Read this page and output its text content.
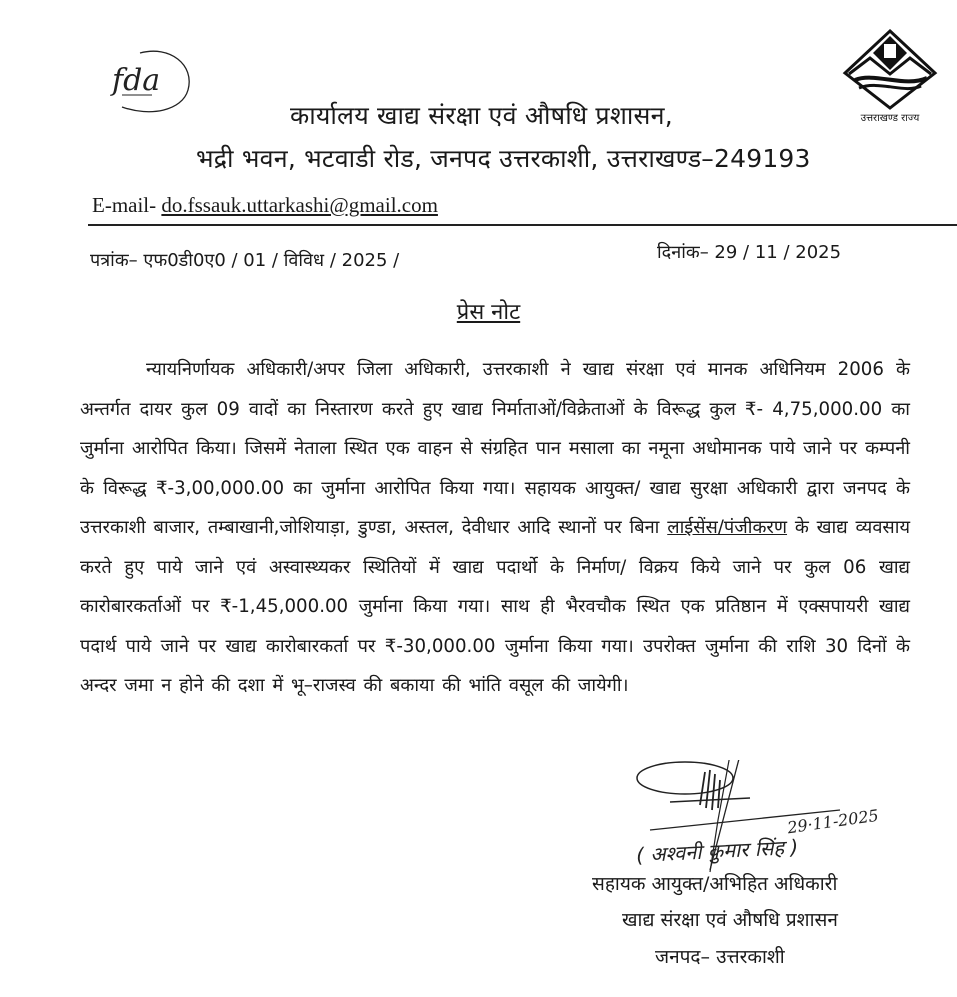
fda
उत्तराखण्ड राज्य
कार्यालय खाद्य संरक्षा एवं औषधि प्रशासन,
भद्री भवन, भटवाडी रोड, जनपद उत्तरकाशी, उत्तराखण्ड–249193
E-mail- do.fssauk.uttarkashi@gmail.com
पत्रांक– एफ0डी0ए0 / 01 / विविध / 2025 /	दिनांक– 29 / 11 / 2025
प्रेस नोट
न्यायनिर्णायक अधिकारी/अपर जिला अधिकारी, उत्तरकाशी ने खाद्य संरक्षा एवं मानक अधिनियम 2006 के अन्तर्गत दायर कुल 09 वादों का निस्तारण करते हुए खाद्य निर्माताओं/विक्रेताओं के विरूद्ध कुल ₹- 4,75,000.00 का जुर्माना आरोपित किया। जिसमें नेताला स्थित एक वाहन से संग्रहित पान मसाला का नमूना अधोमानक पाये जाने पर कम्पनी के विरूद्ध ₹-3,00,000.00 का जुर्माना आरोपित किया गया। सहायक आयुक्त/ खाद्य सुरक्षा अधिकारी द्वारा जनपद के उत्तरकाशी बाजार, तम्बाखानी,जोशियाड़ा, डुण्डा, अस्तल, देवीधार आदि स्थानों पर बिना लाईसेंस/पंजीकरण के खाद्य व्यवसाय करते हुए पाये जाने एवं अस्वास्थ्यकर स्थितियों में खाद्य पदार्थो के निर्माण/ विक्रय किये जाने पर कुल 06 खाद्य कारोबारकर्ताओं पर ₹-1,45,000.00 जुर्माना किया गया। साथ ही भैरवचौक स्थित एक प्रतिष्ठान में एक्सपायरी खाद्य पदार्थ पाये जाने पर खाद्य कारोबारकर्ता पर ₹-30,000.00 जुर्माना किया गया। उपरोक्त जुर्माना की राशि 30 दिनों के अन्दर जमा न होने की दशा में भू–राजस्व की बकाया की भांति वसूल की जायेगी।
29·11-2025
( अश्वनी कुमार सिंह )
सहायक आयुक्त/अभिहित अधिकारी
खाद्य संरक्षा एवं औषधि प्रशासन
जनपद– उत्तरकाशी
